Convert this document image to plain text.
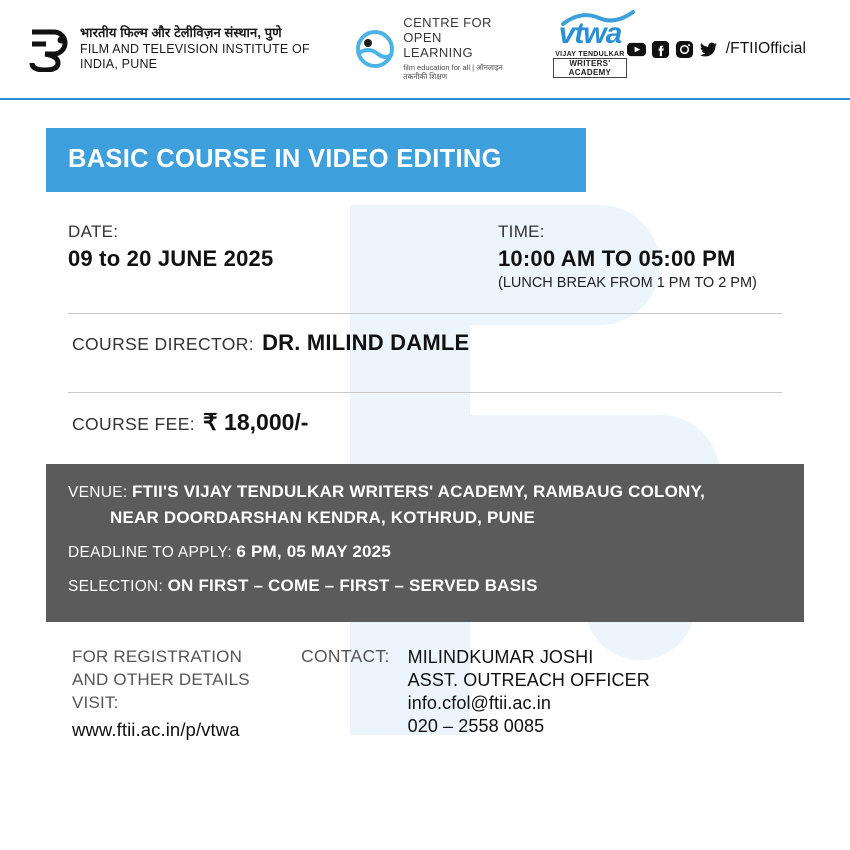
भारतीय फिल्म और टेलीविज़न संस्थान, पुणे
FILM AND TELEVISION INSTITUTE OF INDIA, PUNE
CENTRE FOR
OPEN LEARNING
film education for all | ऑनलाइन तकनीकी शिक्षण
vtwa
VIJAY TENDULKAR
WRITERS' ACADEMY
/FTIIOfficial
BASIC COURSE IN VIDEO EDITING
DATE:
09 to 20 JUNE 2025
TIME:
10:00 AM TO 05:00 PM
(LUNCH BREAK FROM 1 PM TO 2 PM)
COURSE DIRECTOR: DR. MILIND DAMLE
COURSE FEE: ₹ 18,000/-
VENUE: FTII'S VIJAY TENDULKAR WRITERS' ACADEMY, RAMBAUG COLONY,
NEAR DOORDARSHAN KENDRA, KOTHRUD, PUNE
DEADLINE TO APPLY: 6 PM, 05 MAY 2025
SELECTION: ON FIRST – COME – FIRST – SERVED BASIS
FOR REGISTRATION AND OTHER DETAILS VISIT:
www.ftii.ac.in/p/vtwa
CONTACT: MILINDKUMAR JOSHI
ASST. OUTREACH OFFICER
info.cfol@ftii.ac.in
020 – 2558 0085
